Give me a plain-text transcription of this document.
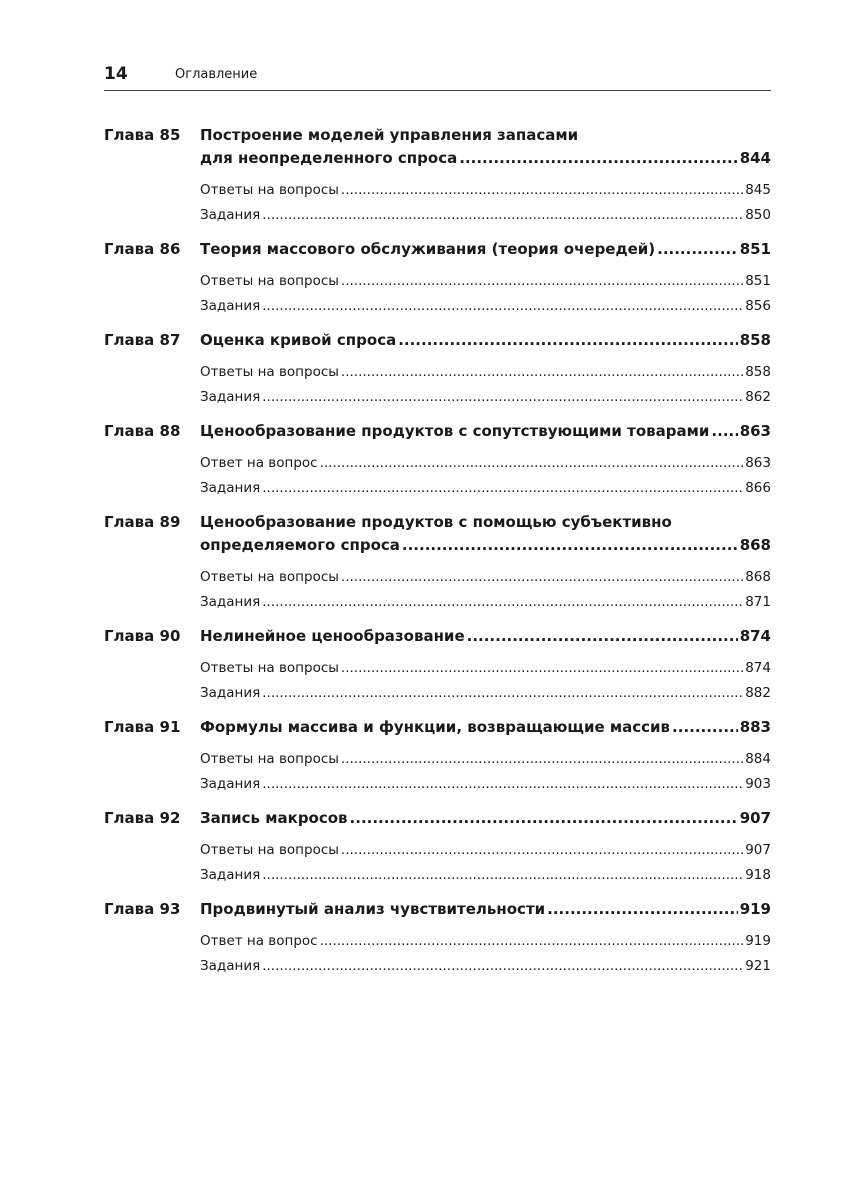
14	Оглавление
Глава 85	Построение моделей управления запасами
для неопределенного спроса .....	844
Ответы на вопросы .....	845
Задания .....	850
Глава 86	Теория массового обслуживания (теория очередей) .....	851
Ответы на вопросы .....	851
Задания .....	856
Глава 87	Оценка кривой спроса .....	858
Ответы на вопросы .....	858
Задания .....	862
Глава 88	Ценообразование продуктов с сопутствующими товарами ..... 863
Ответ на вопрос .....	863
Задания .....	866
Глава 89	Ценообразование продуктов с помощью субъективно
определяемого спроса .....	868
Ответы на вопросы .....	868
Задания .....	871
Глава 90	Нелинейное ценообразование .....	874
Ответы на вопросы .....	874
Задания .....	882
Глава 91	Формулы массива и функции, возвращающие массив .....	883
Ответы на вопросы .....	884
Задания .....	903
Глава 92	Запись макросов .....	907
Ответы на вопросы .....	907
Задания .....	918
Глава 93	Продвинутый анализ чувствительности .....	919
Ответ на вопрос .....	919
Задания .....	921
